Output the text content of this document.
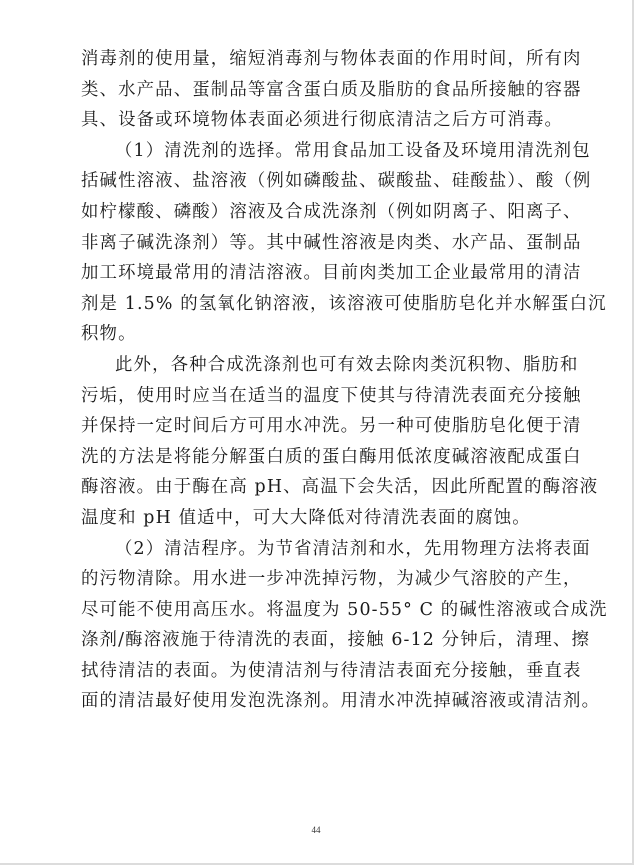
消毒剂的使用量，缩短消毒剂与物体表面的作用时间，所有肉
类、水产品、蛋制品等富含蛋白质及脂肪的食品所接触的容器
具、设备或环境物体表面必须进行彻底清洁之后方可消毒。
（1）清洗剂的选择。常用食品加工设备及环境用清洗剂包
括碱性溶液、盐溶液（例如磷酸盐、碳酸盐、硅酸盐）、酸（例
如柠檬酸、磷酸）溶液及合成洗涤剂（例如阴离子、阳离子、
非离子碱洗涤剂）等。其中碱性溶液是肉类、水产品、蛋制品
加工环境最常用的清洁溶液。目前肉类加工企业最常用的清洁
剂是 1.5% 的氢氧化钠溶液，该溶液可使脂肪皂化并水解蛋白沉
积物。
此外，各种合成洗涤剂也可有效去除肉类沉积物、脂肪和
污垢，使用时应当在适当的温度下使其与待清洗表面充分接触
并保持一定时间后方可用水冲洗。另一种可使脂肪皂化便于清
洗的方法是将能分解蛋白质的蛋白酶用低浓度碱溶液配成蛋白
酶溶液。由于酶在高 pH、高温下会失活，因此所配置的酶溶液
温度和 pH 值适中，可大大降低对待清洗表面的腐蚀。
（2）清洁程序。为节省清洁剂和水，先用物理方法将表面
的污物清除。用水进一步冲洗掉污物，为减少气溶胶的产生，
尽可能不使用高压水。将温度为 50-55° C 的碱性溶液或合成洗
涤剂/酶溶液施于待清洗的表面，接触 6-12 分钟后，清理、擦
拭待清洁的表面。为使清洁剂与待清洁表面充分接触，垂直表
面的清洁最好使用发泡洗涤剂。用清水冲洗掉碱溶液或清洁剂。
44
